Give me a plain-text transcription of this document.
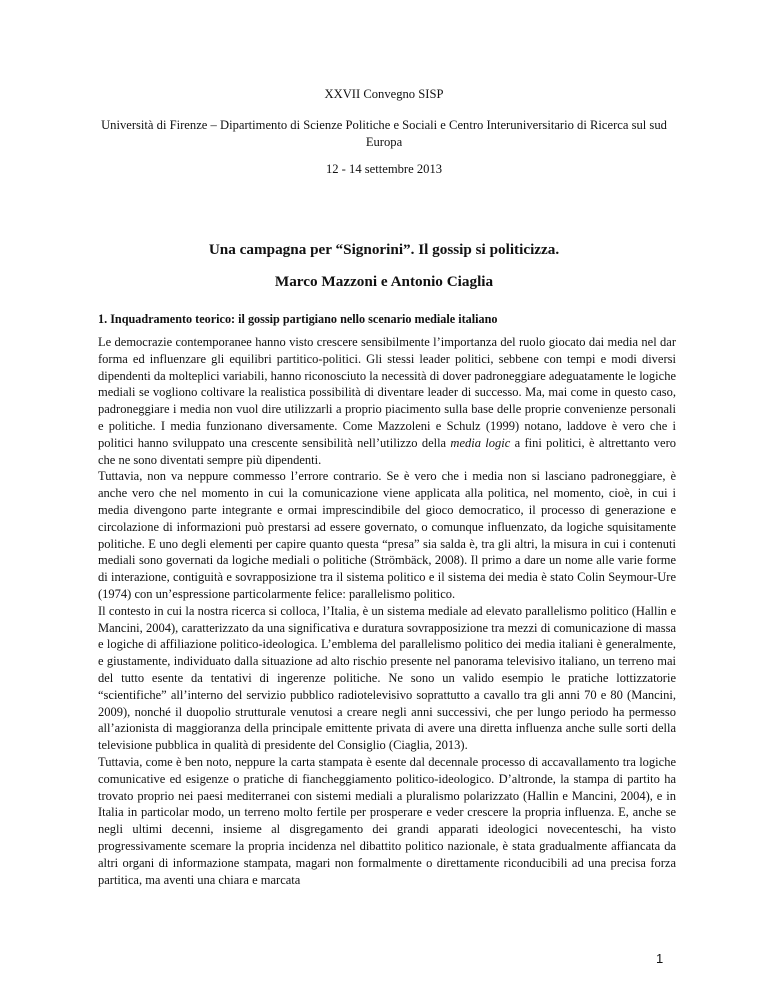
XXVII Convegno SISP
Università di Firenze – Dipartimento di Scienze Politiche e Sociali e Centro Interuniversitario di Ricerca sul sud Europa
12 - 14 settembre 2013
Una campagna per “Signorini”. Il gossip si politicizza.
Marco Mazzoni e Antonio Ciaglia
1. Inquadramento teorico: il gossip partigiano nello scenario mediale italiano

Le democrazie contemporanee hanno visto crescere sensibilmente l’importanza del ruolo giocato dai media nel dar forma ed influenzare gli equilibri partitico-politici. Gli stessi leader politici, sebbene con tempi e modi diversi dipendenti da molteplici variabili, hanno riconosciuto la necessità di dover padroneggiare adeguatamente le logiche mediali se vogliono coltivare la realistica possibilità di diventare leader di successo. Ma, mai come in questo caso, padroneggiare i media non vuol dire utilizzarli a proprio piacimento sulla base delle proprie convenienze personali e politiche. I media funzionano diversamente. Come Mazzoleni e Schulz (1999) notano, laddove è vero che i politici hanno sviluppato una crescente sensibilità nell’utilizzo della media logic a fini politici, è altrettanto vero che ne sono diventati sempre più dipendenti.

Tuttavia, non va neppure commesso l’errore contrario. Se è vero che i media non si lasciano padroneggiare, è anche vero che nel momento in cui la comunicazione viene applicata alla politica, nel momento, cioè, in cui i media divengono parte integrante e ormai imprescindibile del gioco democratico, il processo di generazione e circolazione di informazioni può prestarsi ad essere governato, o comunque influenzato, da logiche squisitamente politiche. E uno degli elementi per capire quanto questa “presa” sia salda è, tra gli altri, la misura in cui i contenuti mediali sono governati da logiche mediali o politiche (Strömbäck, 2008). Il primo a dare un nome alle varie forme di interazione, contiguità e sovrapposizione tra il sistema politico e il sistema dei media è stato Colin Seymour-Ure (1974) con un’espressione particolarmente felice: parallelismo politico.

Il contesto in cui la nostra ricerca si colloca, l’Italia, è un sistema mediale ad elevato parallelismo politico (Hallin e Mancini, 2004), caratterizzato da una significativa e duratura sovrapposizione tra mezzi di comunicazione di massa e logiche di affiliazione politico-ideologica. L’emblema del parallelismo politico dei media italiani è generalmente, e giustamente, individuato dalla situazione ad alto rischio presente nel panorama televisivo italiano, un terreno mai del tutto esente da tentativi di ingerenze politiche. Ne sono un valido esempio le pratiche lottizzatorie “scientifiche” all’interno del servizio pubblico radiotelevisivo soprattutto a cavallo tra gli anni 70 e 80 (Mancini, 2009), nonché il duopolio strutturale venutosi a creare negli anni successivi, che per lungo periodo ha permesso all’azionista di maggioranza della principale emittente privata di avere una diretta influenza anche sulle sorti della televisione pubblica in qualità di presidente del Consiglio (Ciaglia, 2013).

Tuttavia, come è ben noto, neppure la carta stampata è esente dal decennale processo di accavallamento tra logiche comunicative ed esigenze o pratiche di fiancheggiamento politico-ideologico. D’altronde, la stampa di partito ha trovato proprio nei paesi mediterranei con sistemi mediali a pluralismo polarizzato (Hallin e Mancini, 2004), e in Italia in particolar modo, un terreno molto fertile per prosperare e veder crescere la propria influenza. E, anche se negli ultimi decenni, insieme al disgregamento dei grandi apparati ideologici novecenteschi, ha visto progressivamente scemare la propria incidenza nel dibattito politico nazionale, è stata gradualmente affiancata da altri organi di informazione stampata, magari non formalmente o direttamente riconducibili ad una precisa forza partitica, ma aventi una chiara e marcata

1
